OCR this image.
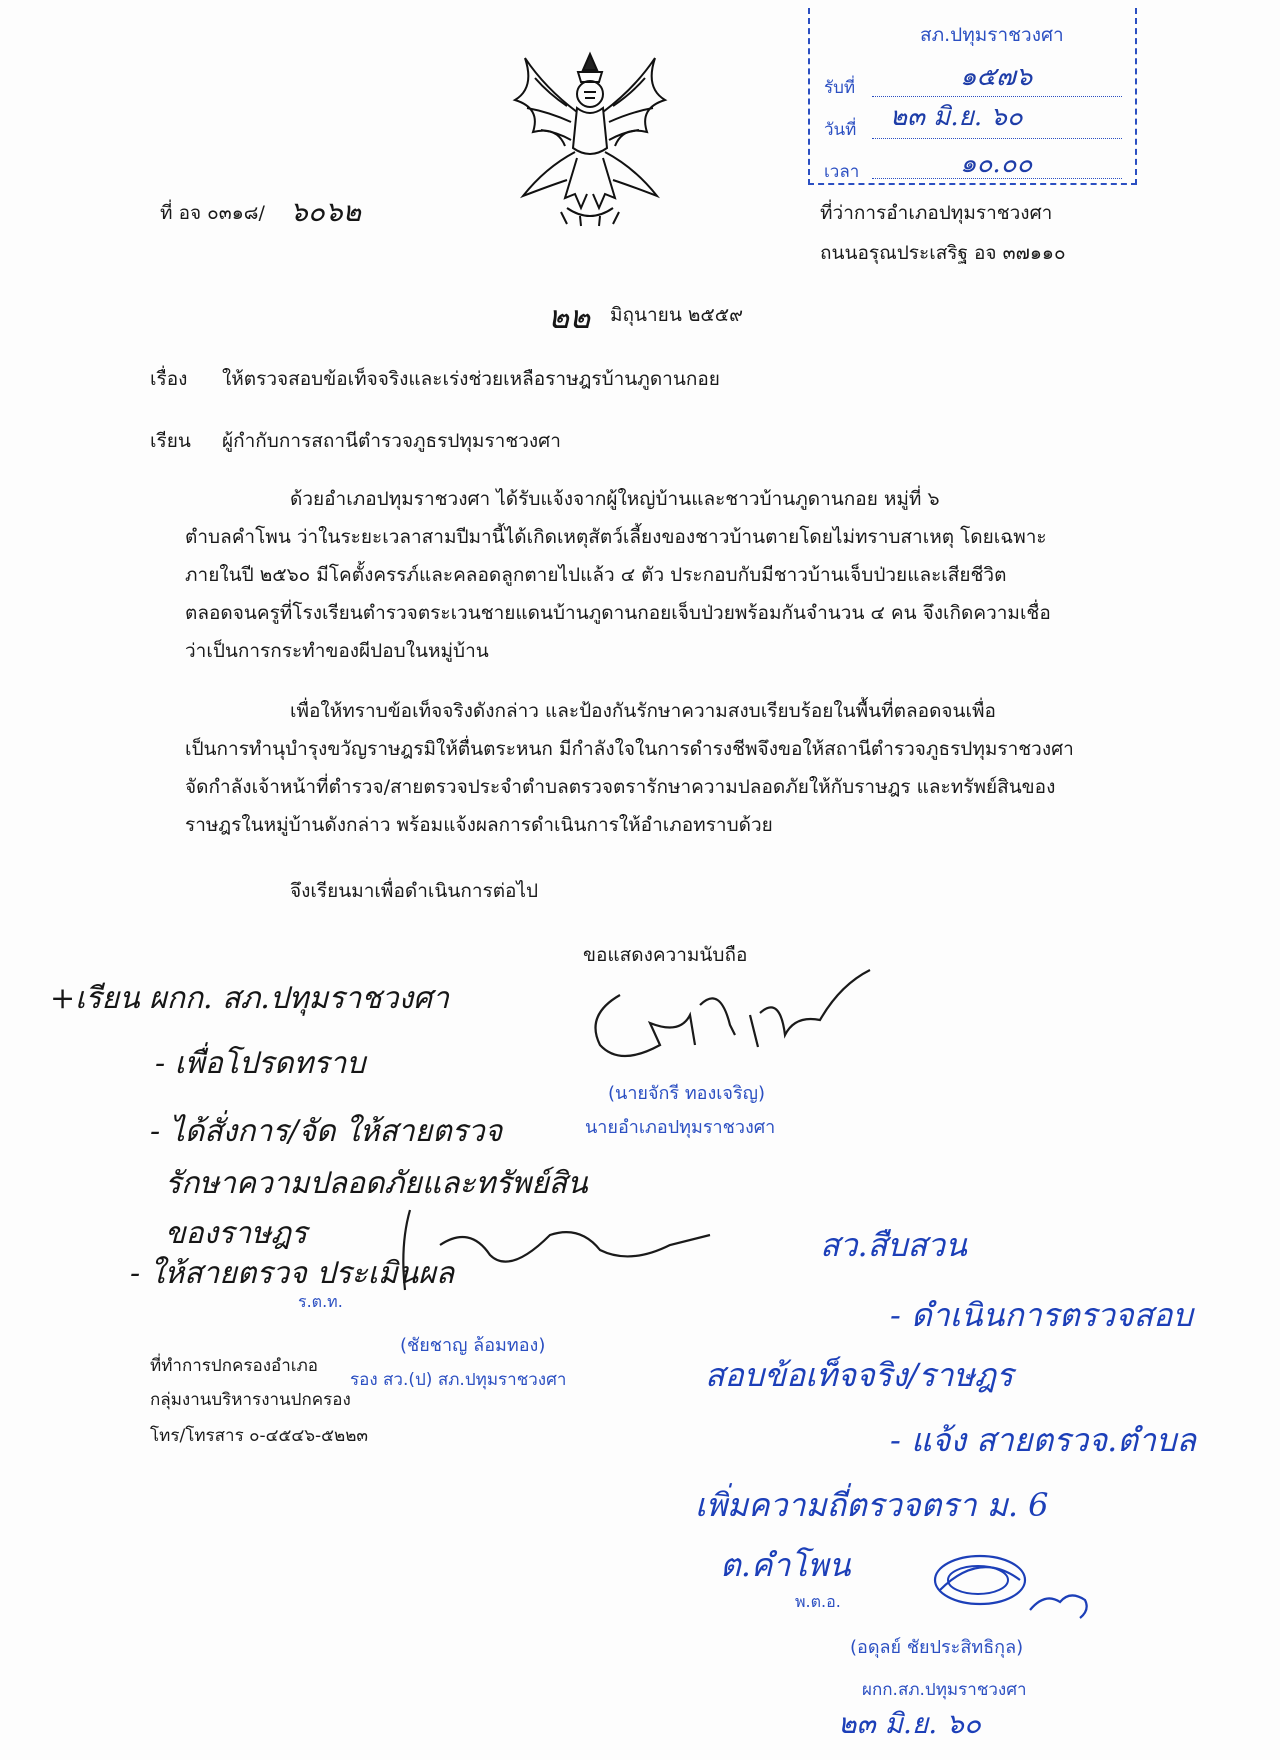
สภ.ปทุมราชวงศา
รับที่	๑๕๗๖
วันที่ ๒๓ มิ.ย. ๖๐
เวลา	๑๐.๐๐
ที่ อจ ๐๓๑๘/ ๖๐๖๒	ที่ว่าการอำเภอปทุมราชวงศา
ถนนอรุณประเสริฐ อจ ๓๗๑๑๐
๒๒ มิถุนายน ๒๕๕๙
เรื่อง ให้ตรวจสอบข้อเท็จจริงและเร่งช่วยเหลือราษฎรบ้านภูดานกอย
เรียน ผู้กำกับการสถานีตำรวจภูธรปทุมราชวงศา
ด้วยอำเภอปทุมราชวงศา ได้รับแจ้งจากผู้ใหญ่บ้านและชาวบ้านภูดานกอย หมู่ที่ ๖
ตำบลคำโพน ว่าในระยะเวลาสามปีมานี้ได้เกิดเหตุสัตว์เลี้ยงของชาวบ้านตายโดยไม่ทราบสาเหตุ โดยเฉพาะ
ภายในปี ๒๕๖๐ มีโคตั้งครรภ์และคลอดลูกตายไปแล้ว ๔ ตัว ประกอบกับมีชาวบ้านเจ็บป่วยและเสียชีวิต
ตลอดจนครูที่โรงเรียนตำรวจตระเวนชายแดนบ้านภูดานกอยเจ็บป่วยพร้อมกันจำนวน ๔ คน จึงเกิดความเชื่อ
ว่าเป็นการกระทำของผีปอบในหมู่บ้าน
เพื่อให้ทราบข้อเท็จจริงดังกล่าว และป้องกันรักษาความสงบเรียบร้อยในพื้นที่ตลอดจนเพื่อ
เป็นการทำนุบำรุงขวัญราษฎรมิให้ตื่นตระหนก มีกำลังใจในการดำรงชีพจึงขอให้สถานีตำรวจภูธรปทุมราชวงศา
จัดกำลังเจ้าหน้าที่ตำรวจ/สายตรวจประจำตำบลตรวจตรารักษาความปลอดภัยให้กับราษฎร และทรัพย์สินของ
ราษฎรในหมู่บ้านดังกล่าว พร้อมแจ้งผลการดำเนินการให้อำเภอทราบด้วย
จึงเรียนมาเพื่อดำเนินการต่อไป
ขอแสดงความนับถือ
(นายจักรี ทองเจริญ)
นายอำเภอปทุมราชวงศา
+เรียน ผกก. สภ.ปทุมราชวงศา
- เพื่อโปรดทราบ
- ได้สั่งการ/จัด ให้สายตรวจ
รักษาความปลอดภัยและทรัพย์สิน
ของราษฎร
- ให้สายตรวจ ประเมินผล
ร.ต.ท.
(ชัยชาญ ล้อมทอง)
รอง สว.(ป) สภ.ปทุมราชวงศา
ที่ทำการปกครองอำเภอ
กลุ่มงานบริหารงานปกครอง
โทร/โทรสาร ๐-๔๕๔๖-๕๒๒๓
สว.สืบสวน
- ดำเนินการตรวจสอบ
สอบข้อเท็จจริง/ราษฎร
- แจ้ง สายตรวจ.ตำบล
เพิ่มความถี่ตรวจตรา ม. 6
ต.คำโพน
พ.ต.อ.
(อดุลย์ ชัยประสิทธิกุล)
ผกก.สภ.ปทุมราชวงศา
๒๓ มิ.ย. ๖๐
